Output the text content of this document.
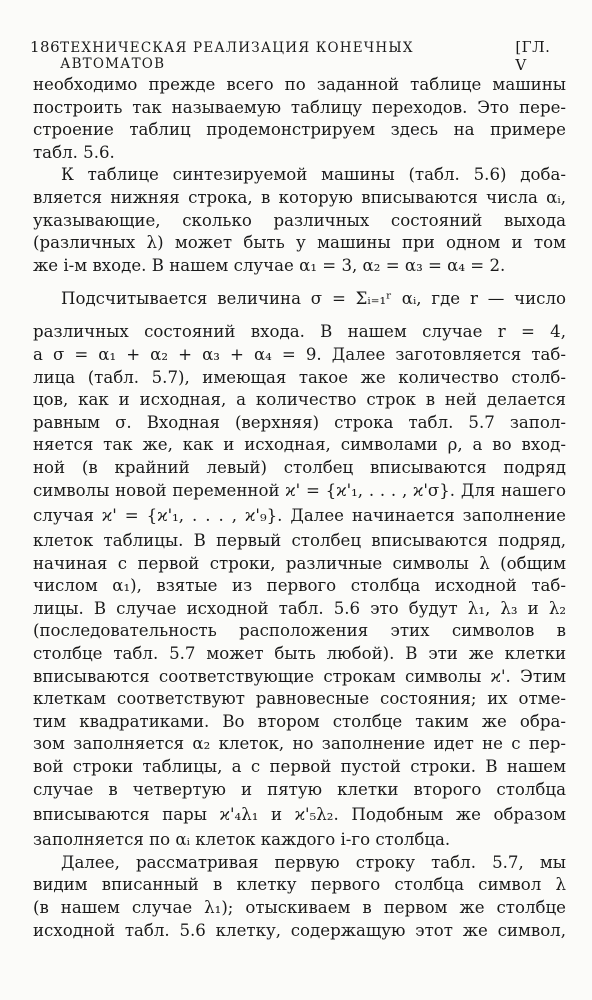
186 ТЕХНИЧЕСКАЯ РЕАЛИЗАЦИЯ КОНЕЧНЫХ АВТОМАТОВ
[ГЛ. V
необходимо прежде всего по заданной таблице машины
построить так называемую таблицу переходов. Это пере-
строение таблиц продемонстрируем здесь на примере
табл. 5.6.
К таблице синтезируемой машины (табл. 5.6) доба-
вляется нижняя строка, в которую вписываются числа αᵢ,
указывающие, сколько различных состояний выхода
(различных λ) может быть у машины при одном и том
же i-м входе. В нашем случае α₁ = 3, α₂ = α₃ = α₄ = 2.
Подсчитывается величина σ = Σᵢ₌₁ʳ αᵢ, где r — число
различных состояний входа. В нашем случае r = 4,
а σ = α₁ + α₂ + α₃ + α₄ = 9. Далее заготовляется таб-
лица (табл. 5.7), имеющая такое же количество столб-
цов, как и исходная, а количество строк в ней делается
равным σ. Входная (верхняя) строка табл. 5.7 запол-
няется так же, как и исходная, символами ρ, а во вход-
ной (в крайний левый) столбец вписываются подряд
символы новой переменной ϰ' = {ϰ'₁, . . . , ϰ'σ}. Для нашего
случая ϰ' = {ϰ'₁, . . . , ϰ'₉}. Далее начинается заполнение
клеток таблицы. В первый столбец вписываются подряд,
начиная с первой строки, различные символы λ (общим
числом α₁), взятые из первого столбца исходной таб-
лицы. В случае исходной табл. 5.6 это будут λ₁, λ₃ и λ₂
(последовательность расположения этих символов в
столбце табл. 5.7 может быть любой). В эти же клетки
вписываются соответствующие строкам символы ϰ'. Этим
клеткам соответствуют равновесные состояния; их отме-
тим квадратиками. Во втором столбце таким же обра-
зом заполняется α₂ клеток, но заполнение идет не с пер-
вой строки таблицы, а с первой пустой строки. В нашем
случае в четвертую и пятую клетки второго столбца
вписываются пары ϰ'₄λ₁ и ϰ'₅λ₂. Подобным же образом
заполняется по αᵢ клеток каждого i-го столбца.
Далее, рассматривая первую строку табл. 5.7, мы
видим вписанный в клетку первого столбца символ λ
(в нашем случае λ₁); отыскиваем в первом же столбце
исходной табл. 5.6 клетку, содержащую этот же символ,
